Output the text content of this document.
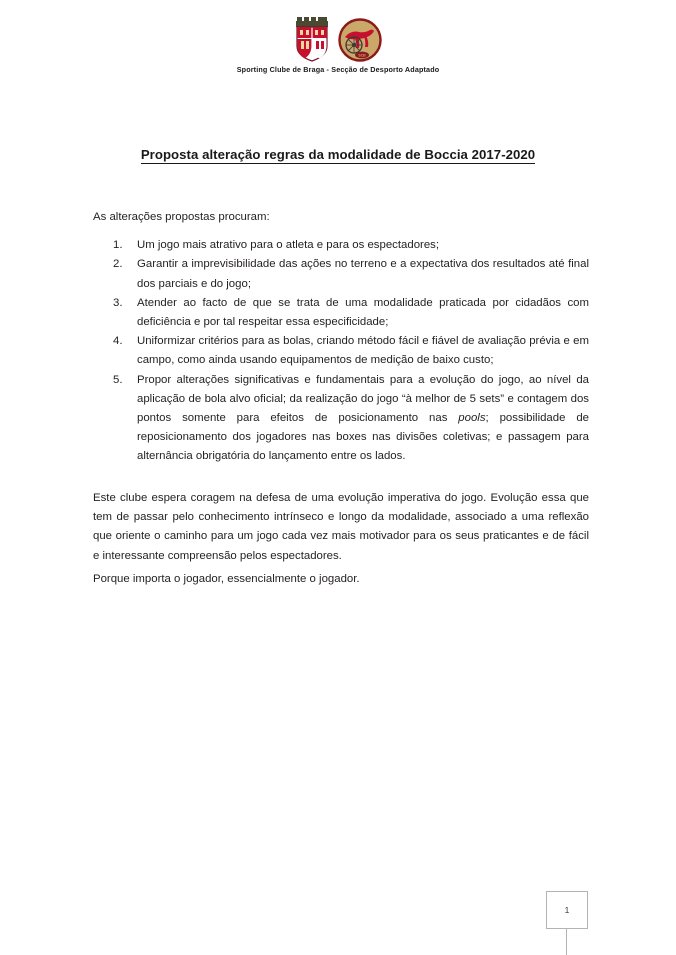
SCB
Sporting Clube de Braga - Secção de Desporto Adaptado
Proposta alteração regras da modalidade de Boccia 2017-2020

As alterações propostas procuram:

Um jogo mais atrativo para o atleta e para os espectadores;
Garantir a imprevisibilidade das ações no terreno e a expectativa dos resultados até final dos parciais e do jogo;
Atender ao facto de que se trata de uma modalidade praticada por cidadãos com deficiência e por tal respeitar essa especificidade;
Uniformizar critérios para as bolas, criando método fácil e fiável de avaliação prévia e em campo, como ainda usando equipamentos de medição de baixo custo;
Propor alterações significativas e fundamentais para a evolução do jogo, ao nível da aplicação de bola alvo oficial; da realização do jogo “à melhor de 5 sets” e contagem dos pontos somente para efeitos de posicionamento nas pools; possibilidade de reposicionamento dos jogadores nas boxes nas divisões coletivas; e passagem para alternância obrigatória do lançamento entre os lados.

Este clube espera coragem na defesa de uma evolução imperativa do jogo. Evolução essa que tem de passar pelo conhecimento intrínseco e longo da modalidade, associado a uma reflexão que oriente o caminho para um jogo cada vez mais motivador para os seus praticantes e de fácil e interessante compreensão pelos espectadores.

Porque importa o jogador, essencialmente o jogador.

1
